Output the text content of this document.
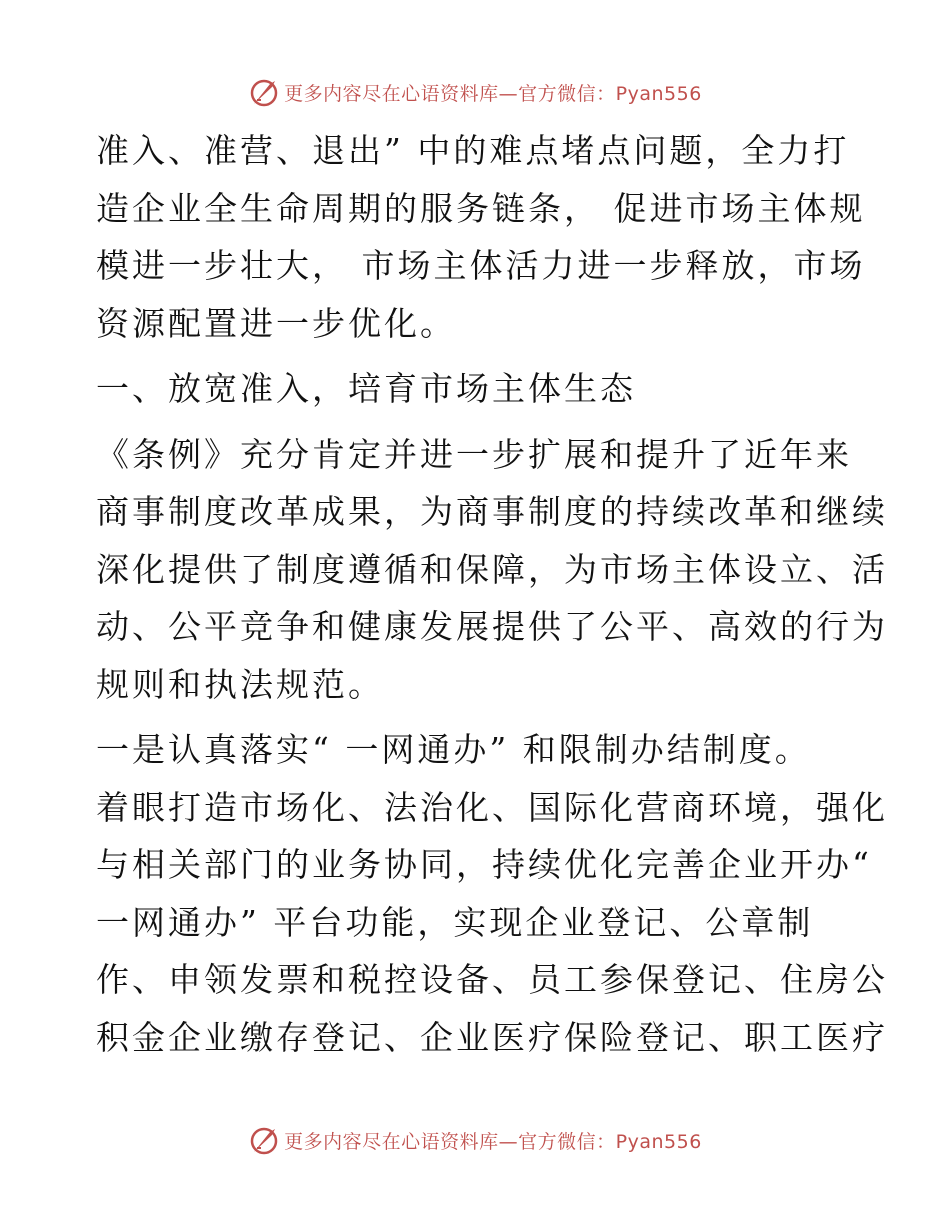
更多内容尽在心语资料库—官方微信：Pyan556
准入、准营、退出” 中的难点堵点问题，全力打
造企业全生命周期的服务链条， 促进市场主体规
模进一步壮大， 市场主体活力进一步释放，市场
资源配置进一步优化。
一、放宽准入，培育市场主体生态
《条例》充分肯定并进一步扩展和提升了近年来
商事制度改革成果，为商事制度的持续改革和继续
深化提供了制度遵循和保障，为市场主体设立、活
动、公平竞争和健康发展提供了公平、高效的行为
规则和执法规范。
一是认真落实“ 一网通办” 和限制办结制度。
着眼打造市场化、法治化、国际化营商环境，强化
与相关部门的业务协同，持续优化完善企业开办“
一网通办” 平台功能，实现企业登记、公章制
作、申领发票和税控设备、员工参保登记、住房公
积金企业缴存登记、企业医疗保险登记、职工医疗
更多内容尽在心语资料库—官方微信：Pyan556
